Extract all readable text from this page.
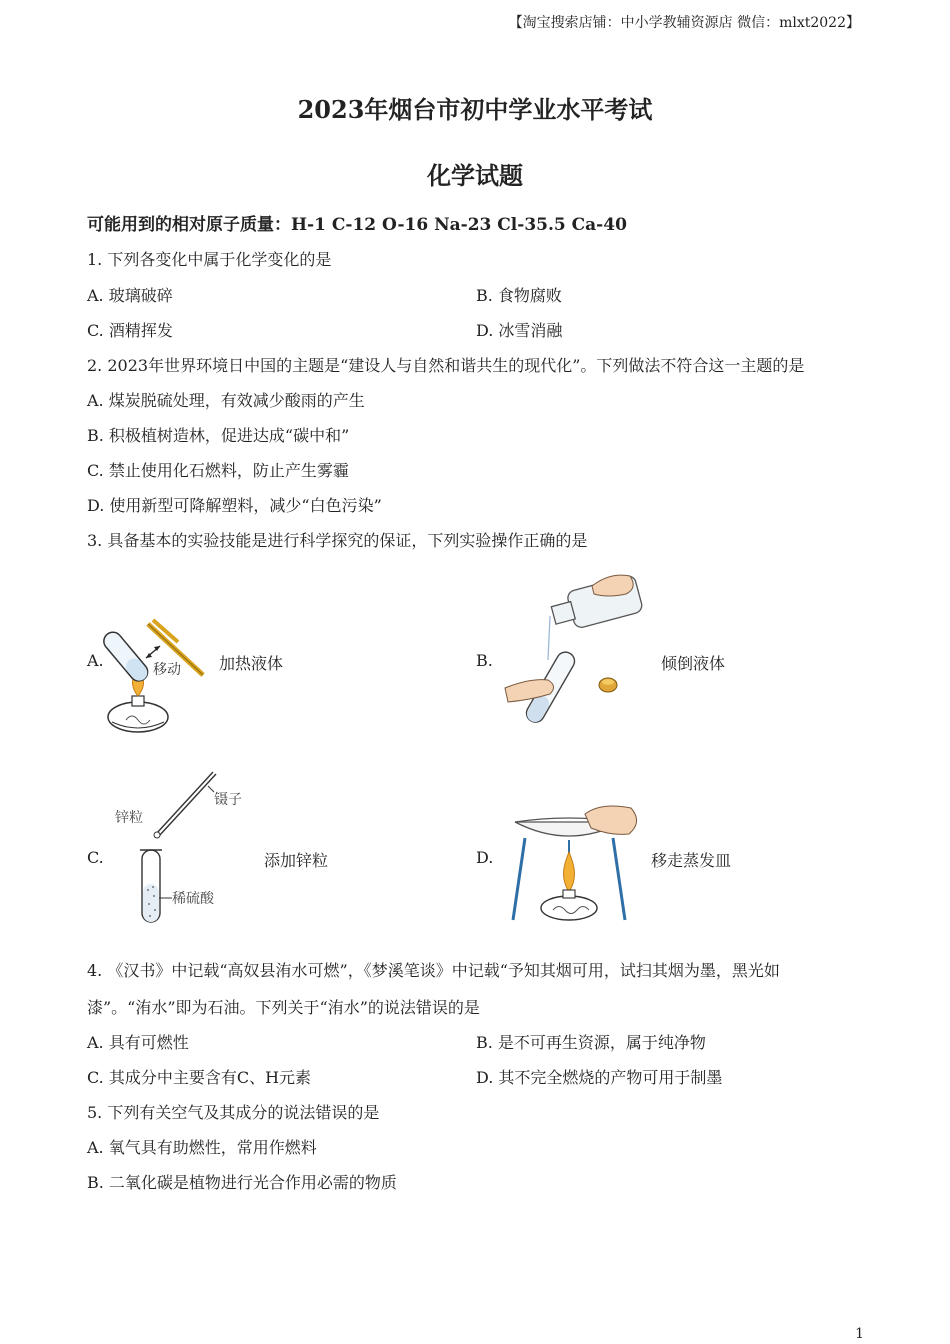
【淘宝搜索店铺：中小学教辅资源店 微信：mlxt2022】
2023年烟台市初中学业水平考试
化学试题
可能用到的相对原子质量：H-1 C-12 O-16 Na-23 Cl-35.5 Ca-40
1. 下列各变化中属于化学变化的是
A. 玻璃破碎	B. 食物腐败
C. 酒精挥发	D. 冰雪消融
2. 2023年世界环境日中国的主题是“建设人与自然和谐共生的现代化”。下列做法不符合这一主题的是
A. 煤炭脱硫处理，有效减少酸雨的产生
B. 积极植树造林，促进达成“碳中和”
C. 禁止使用化石燃料，防止产生雾霾
D. 使用新型可降解塑料，减少“白色污染”
3. 具备基本的实验技能是进行科学探究的保证，下列实验操作正确的是
A.	移动 加热液体	B.	倾倒液体
C.
锌粒
镊子
稀硫酸
添加锌粒	D.	移走蒸发皿
4. 《汉书》中记载“高奴县洧水可燃”，《梦溪笔谈》中记载“予知其烟可用，试扫其烟为墨，黑光如
漆”。“洧水”即为石油。下列关于“洧水”的说法错误的是
A. 具有可燃性	B. 是不可再生资源，属于纯净物
C. 其成分中主要含有C、H元素	D. 其不完全燃烧的产物可用于制墨
5. 下列有关空气及其成分的说法错误的是
A. 氧气具有助燃性，常用作燃料
B. 二氧化碳是植物进行光合作用必需的物质
1
